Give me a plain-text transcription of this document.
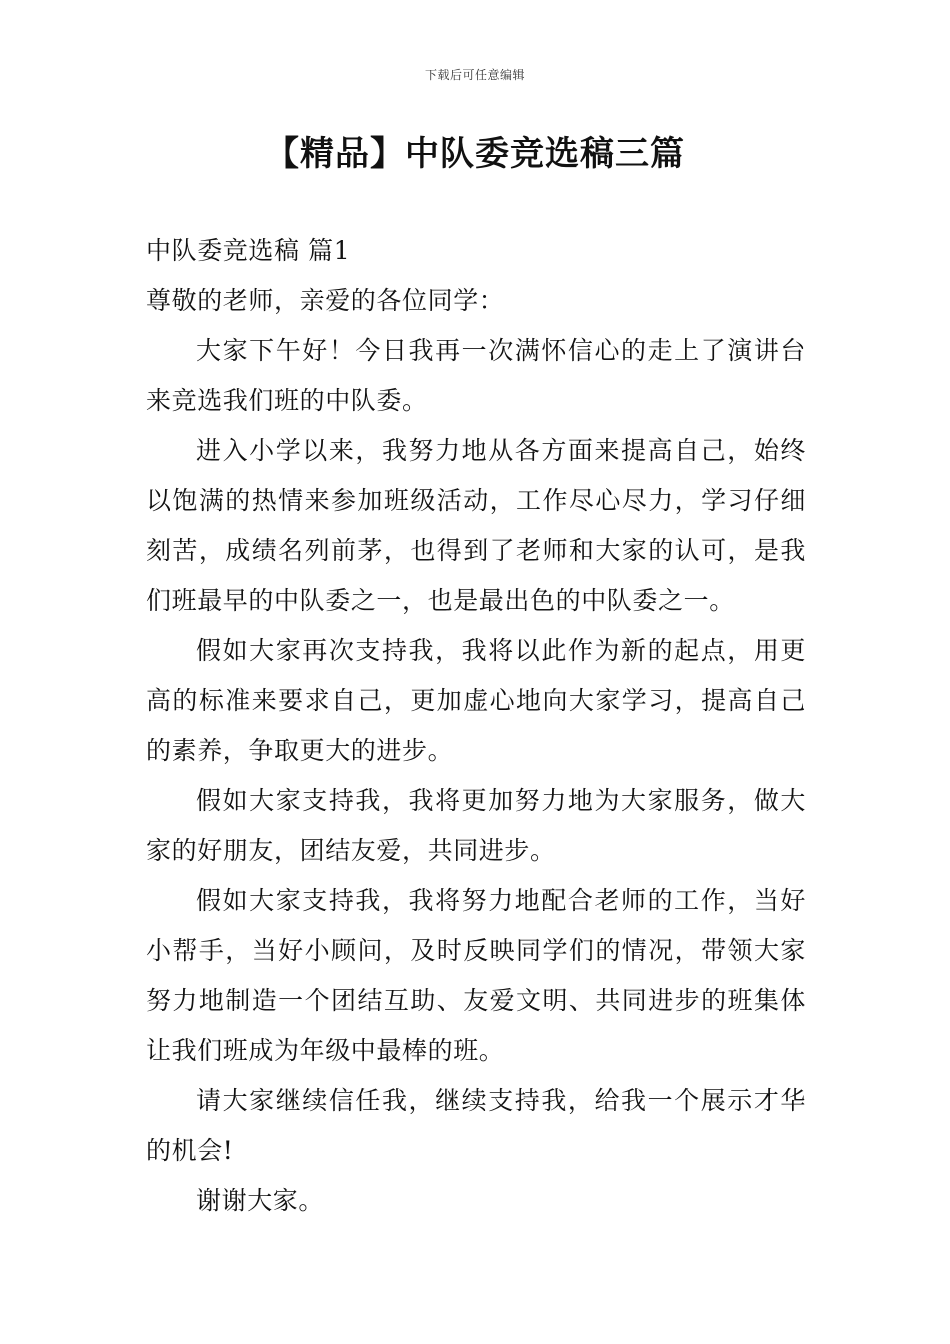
下载后可任意编辑
【精品】中队委竞选稿三篇

中队委竞选稿 篇1

尊敬的老师，亲爱的各位同学：

大家下午好！今日我再一次满怀信心的走上了演讲台来竞选我们班的中队委。

进入小学以来，我努力地从各方面来提高自己，始终以饱满的热情来参加班级活动，工作尽心尽力，学习仔细刻苦，成绩名列前茅，也得到了老师和大家的认可，是我们班最早的中队委之一，也是最出色的中队委之一。

假如大家再次支持我，我将以此作为新的起点，用更高的标准来要求自己，更加虚心地向大家学习，提高自己的素养，争取更大的进步。

假如大家支持我，我将更加努力地为大家服务，做大家的好朋友，团结友爱，共同进步。

假如大家支持我，我将努力地配合老师的工作，当好小帮手，当好小顾问，及时反映同学们的情况，带领大家努力地制造一个团结互助、友爱文明、共同进步的班集体让我们班成为年级中最棒的班。

请大家继续信任我，继续支持我，给我一个展示才华的机会!

谢谢大家。
